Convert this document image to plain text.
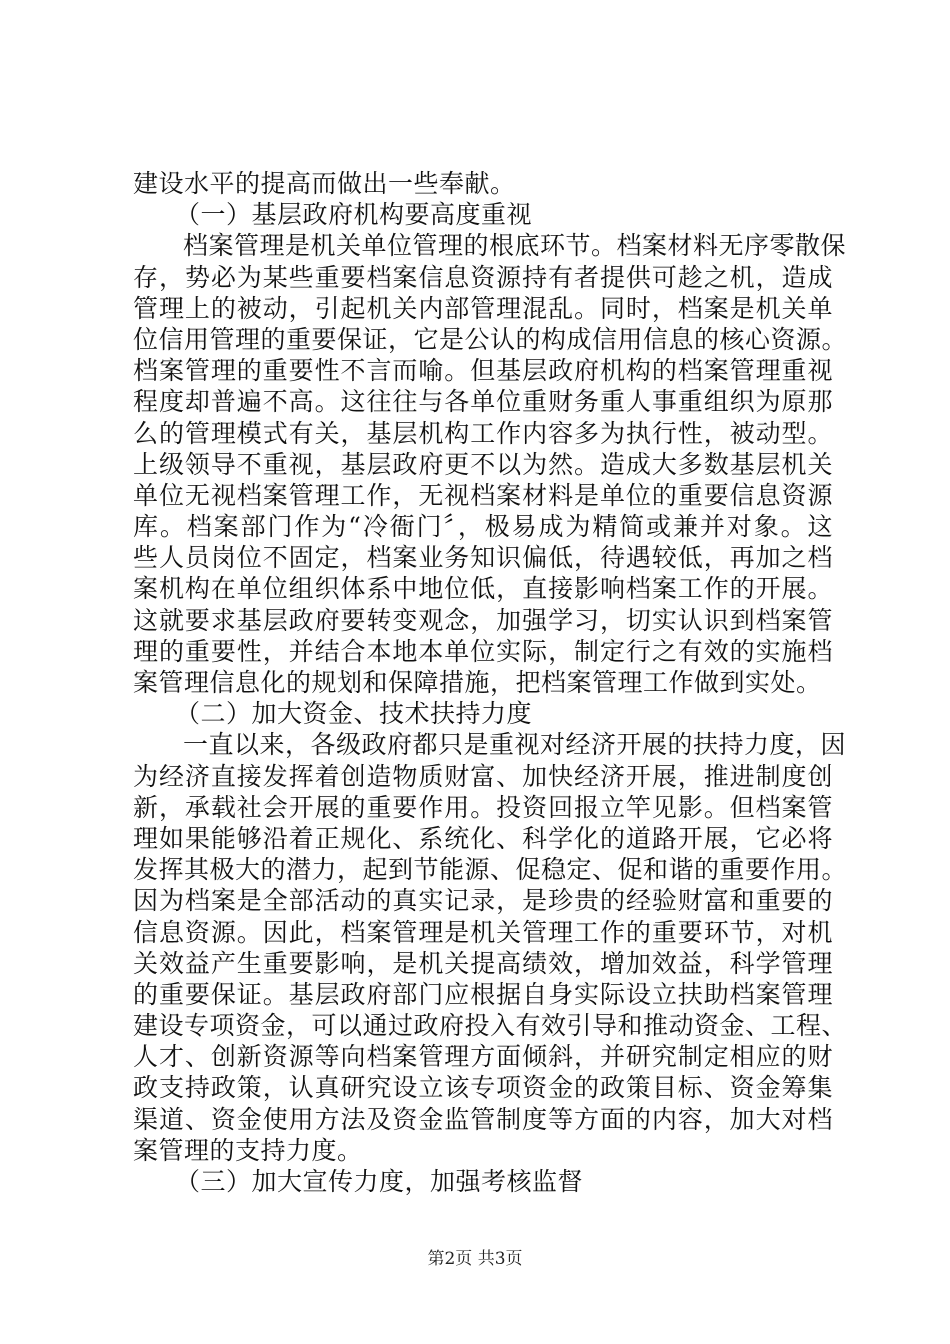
建设水平的提高而做出一些奉献。
（一）基层政府机构要高度重视
档案管理是机关单位管理的根底环节。档案材料无序零散保
存，势必为某些重要档案信息资源持有者提供可趁之机，造成
管理上的被动，引起机关内部管理混乱。同时，档案是机关单
位信用管理的重要保证，它是公认的构成信用信息的核心资源。
档案管理的重要性不言而喻。但基层政府机构的档案管理重视
程度却普遍不高。这往往与各单位重财务重人事重组织为原那
么的管理模式有关，基层机构工作内容多为执行性，被动型。
上级领导不重视，基层政府更不以为然。造成大多数基层机关
单位无视档案管理工作，无视档案材料是单位的重要信息资源
库。档案部门作为“冷衙门〞，极易成为精简或兼并对象。这
些人员岗位不固定，档案业务知识偏低，待遇较低，再加之档
案机构在单位组织体系中地位低，直接影响档案工作的开展。
这就要求基层政府要转变观念，加强学习，切实认识到档案管
理的重要性，并结合本地本单位实际，制定行之有效的实施档
案管理信息化的规划和保障措施，把档案管理工作做到实处。
（二）加大资金、技术扶持力度
一直以来，各级政府都只是重视对经济开展的扶持力度，因
为经济直接发挥着创造物质财富、加快经济开展，推进制度创
新，承载社会开展的重要作用。投资回报立竿见影。但档案管
理如果能够沿着正规化、系统化、科学化的道路开展，它必将
发挥其极大的潜力，起到节能源、促稳定、促和谐的重要作用。
因为档案是全部活动的真实记录，是珍贵的经验财富和重要的
信息资源。因此，档案管理是机关管理工作的重要环节，对机
关效益产生重要影响，是机关提高绩效，增加效益，科学管理
的重要保证。基层政府部门应根据自身实际设立扶助档案管理
建设专项资金，可以通过政府投入有效引导和推动资金、工程、
人才、创新资源等向档案管理方面倾斜，并研究制定相应的财
政支持政策，认真研究设立该专项资金的政策目标、资金筹集
渠道、资金使用方法及资金监管制度等方面的内容，加大对档
案管理的支持力度。
（三）加大宣传力度，加强考核监督
第2页 共3页
